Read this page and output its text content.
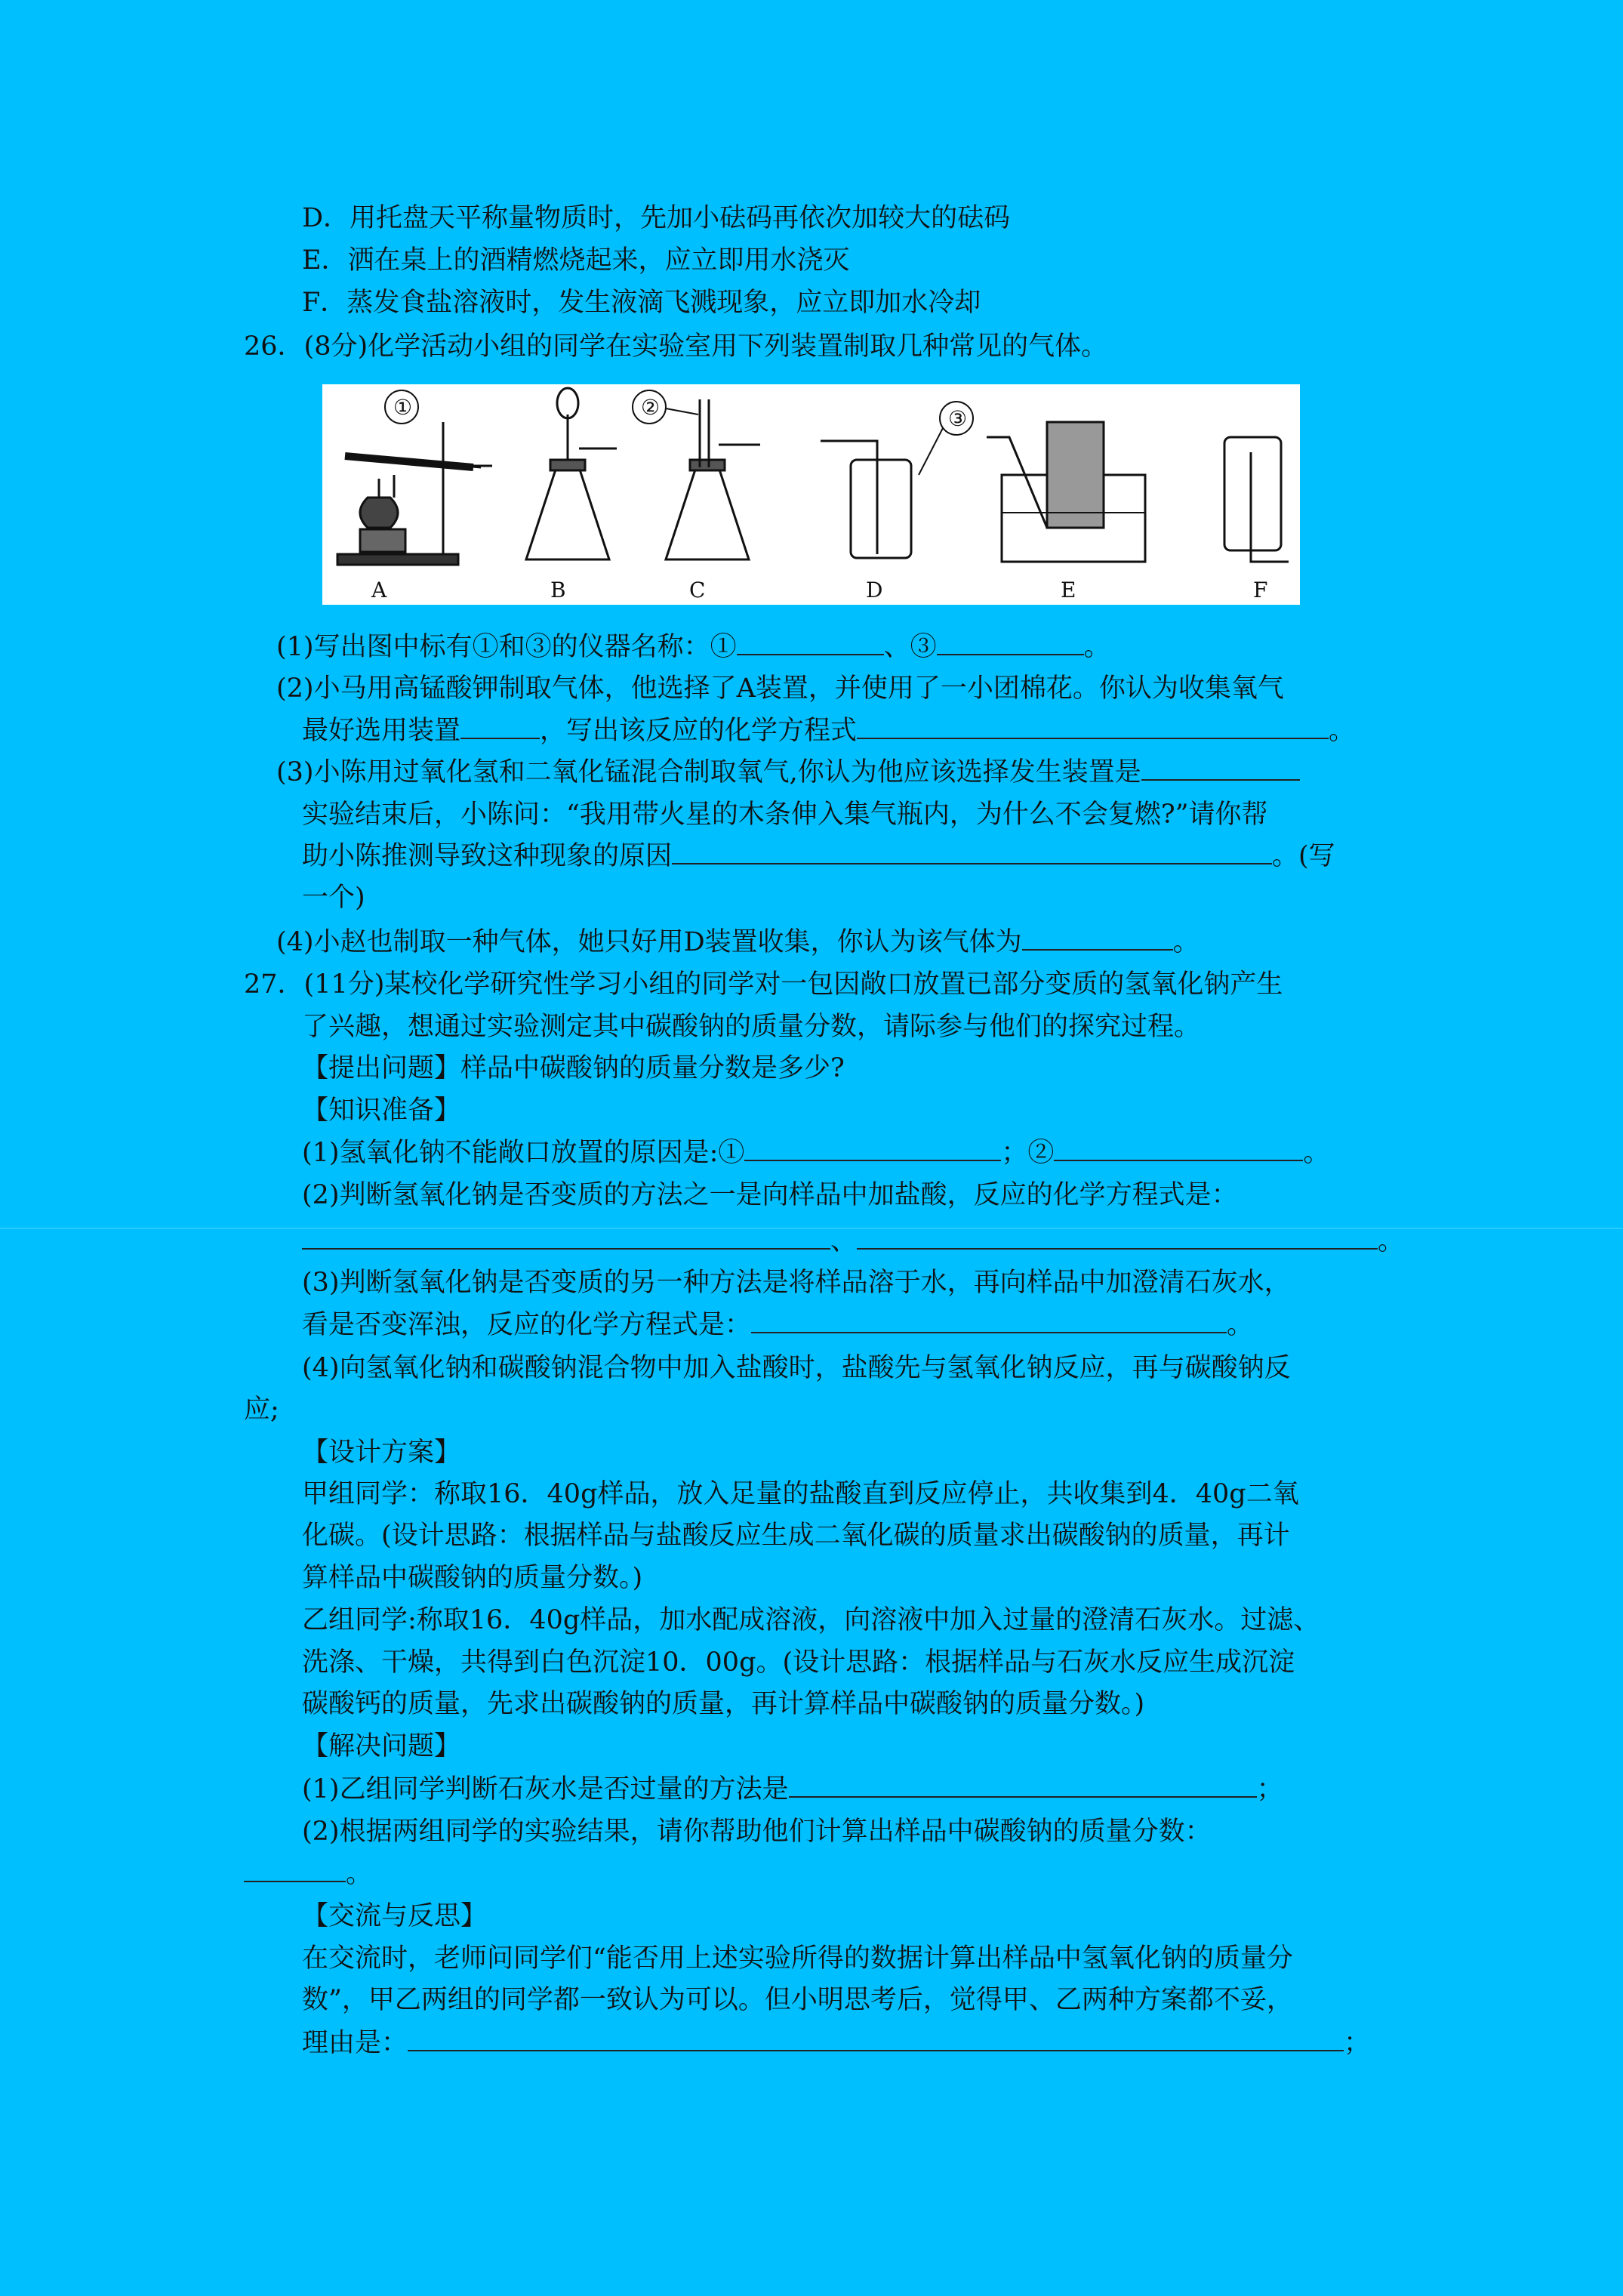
D．用托盘天平称量物质时，先加小砝码再依次加较大的砝码
E．洒在桌上的酒精燃烧起来，应立即用水浇灭
F．蒸发食盐溶液时，发生液滴飞溅现象，应立即加水冷却
26．(8分)化学活动小组的同学在实验室用下列装置制取几种常见的气体。
①	②	③
A	B	C	D	E	F
(1)写出图中标有①和③的仪器名称：①	、③	。
(2)小马用高锰酸钾制取气体，他选择了A装置，并使用了一小团棉花。你认为收集氧气
最好选用装置	，写出该反应的化学方程式	。
(3)小陈用过氧化氢和二氧化锰混合制取氧气,你认为他应该选择发生装置是
实验结束后，小陈问：“我用带火星的木条伸入集气瓶内，为什么不会复燃?”请你帮
助小陈推测导致这种现象的原因	。(写
一个)
(4)小赵也制取一种气体，她只好用D装置收集，你认为该气体为	。
27．(11分)某校化学研究性学习小组的同学对一包因敞口放置已部分变质的氢氧化钠产生
了兴趣，想通过实验测定其中碳酸钠的质量分数，请际参与他们的探究过程。
【提出问题】样品中碳酸钠的质量分数是多少?
【知识准备】
(1)氢氧化钠不能敞口放置的原因是:①	；②	。
(2)判断氢氧化钠是否变质的方法之一是向样品中加盐酸，反应的化学方程式是：
、	。
(3)判断氢氧化钠是否变质的另一种方法是将样品溶于水，再向样品中加澄清石灰水，
看是否变浑浊，反应的化学方程式是：	。
(4)向氢氧化钠和碳酸钠混合物中加入盐酸时，盐酸先与氢氧化钠反应，再与碳酸钠反
应;
【设计方案】
甲组同学：称取16．40g样品，放入足量的盐酸直到反应停止，共收集到4．40g二氧
化碳。(设计思路：根据样品与盐酸反应生成二氧化碳的质量求出碳酸钠的质量，再计
算样品中碳酸钠的质量分数。)
乙组同学:称取16．40g样品，加水配成溶液，向溶液中加入过量的澄清石灰水。过滤、
洗涤、干燥，共得到白色沉淀10．00g。(设计思路：根据样品与石灰水反应生成沉淀
碳酸钙的质量，先求出碳酸钠的质量，再计算样品中碳酸钠的质量分数。)
【解决问题】
(1)乙组同学判断石灰水是否过量的方法是	；
(2)根据两组同学的实验结果，请你帮助他们计算出样品中碳酸钠的质量分数：
。
【交流与反思】
在交流时，老师问同学们“能否用上述实验所得的数据计算出样品中氢氧化钠的质量分
数”，甲乙两组的同学都一致认为可以。但小明思考后，觉得甲、乙两种方案都不妥，
理由是：	；
